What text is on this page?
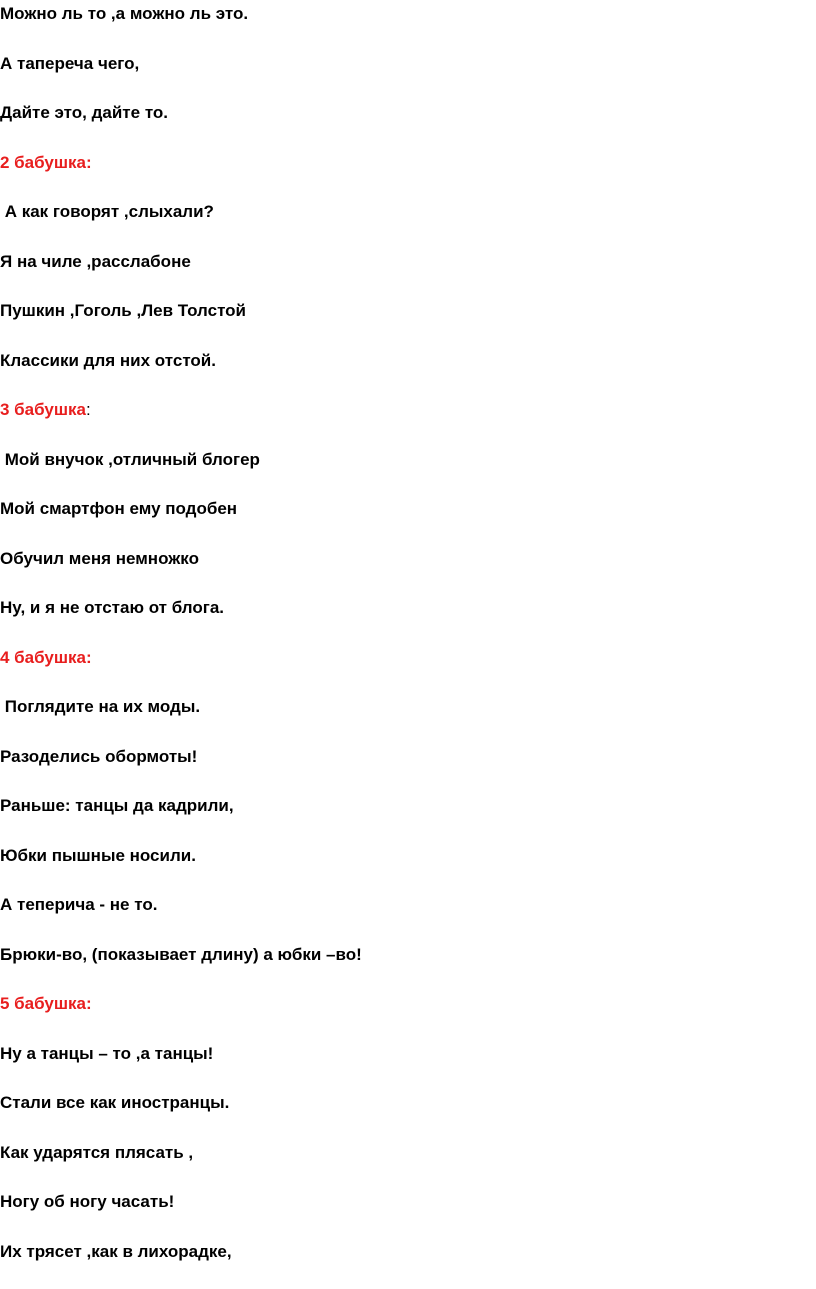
Можно ль то ,а можно ль это.

А тапереча чего,

Дайте это, дайте то.

2 бабушка:

А как говорят ,слыхали?

Я на чиле ,расслабоне

Пушкин ,Гоголь ,Лев Толстой

Классики для них отстой.

3 бабушка:

Мой внучок ,отличный блогер

Мой смартфон ему подобен

Обучил меня немножко

Ну, и я не отстаю от блога.

4 бабушка:

Поглядите на их моды.

Разоделись обормоты!

Раньше: танцы да кадрили,

Юбки пышные носили.

А теперича - не то.

Брюки-во, (показывает длину) а юбки –во!

5 бабушка:

Ну а танцы – то ,а танцы!

Стали все как иностранцы.

Как ударятся плясать ,

Ногу об ногу часать!

Их трясет ,как в лихорадке,
